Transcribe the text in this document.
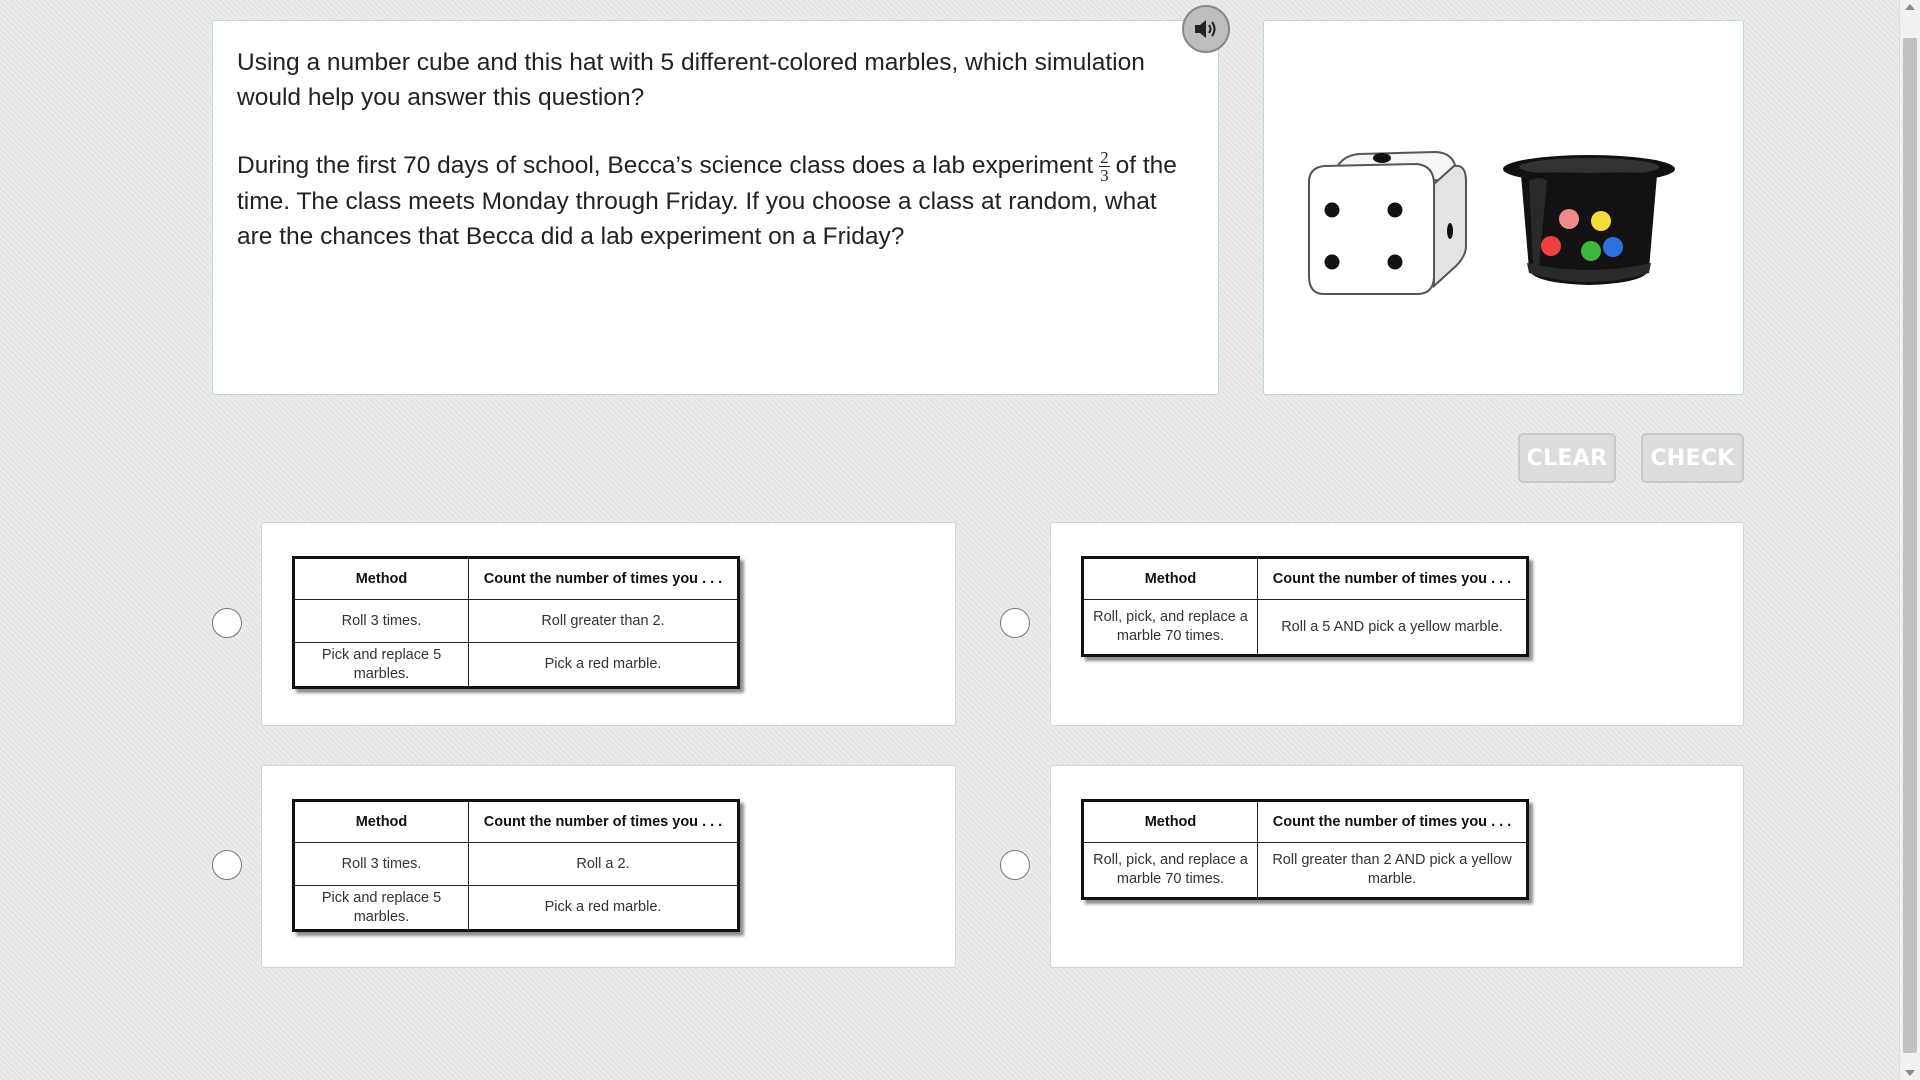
Using a number cube and this hat with 5 different-colored marbles, which simulation would help you answer this question?

During the first 70 days of school, Becca’s science class does a lab experiment $\frac{2}{3}$ of the time. The class meets Monday through Friday. If you choose a class at random, what are the chances that Becca did a lab experiment on a Friday?

CLEAR	CHECK
Method	Count the number of times you . . .
Roll 3 times.	Roll greater than 2.
Pick and replace 5 marbles.	Pick a red marble.
Method	Count the number of times you . . .
Roll, pick, and replace a marble 70 times.	Roll a 5 AND pick a yellow marble.
Method	Count the number of times you . . .
Roll 3 times.	Roll a 2.
Pick and replace 5 marbles.	Pick a red marble.
Method	Count the number of times you . . .
Roll, pick, and replace a marble 70 times.	Roll greater than 2 AND pick a yellow marble.
